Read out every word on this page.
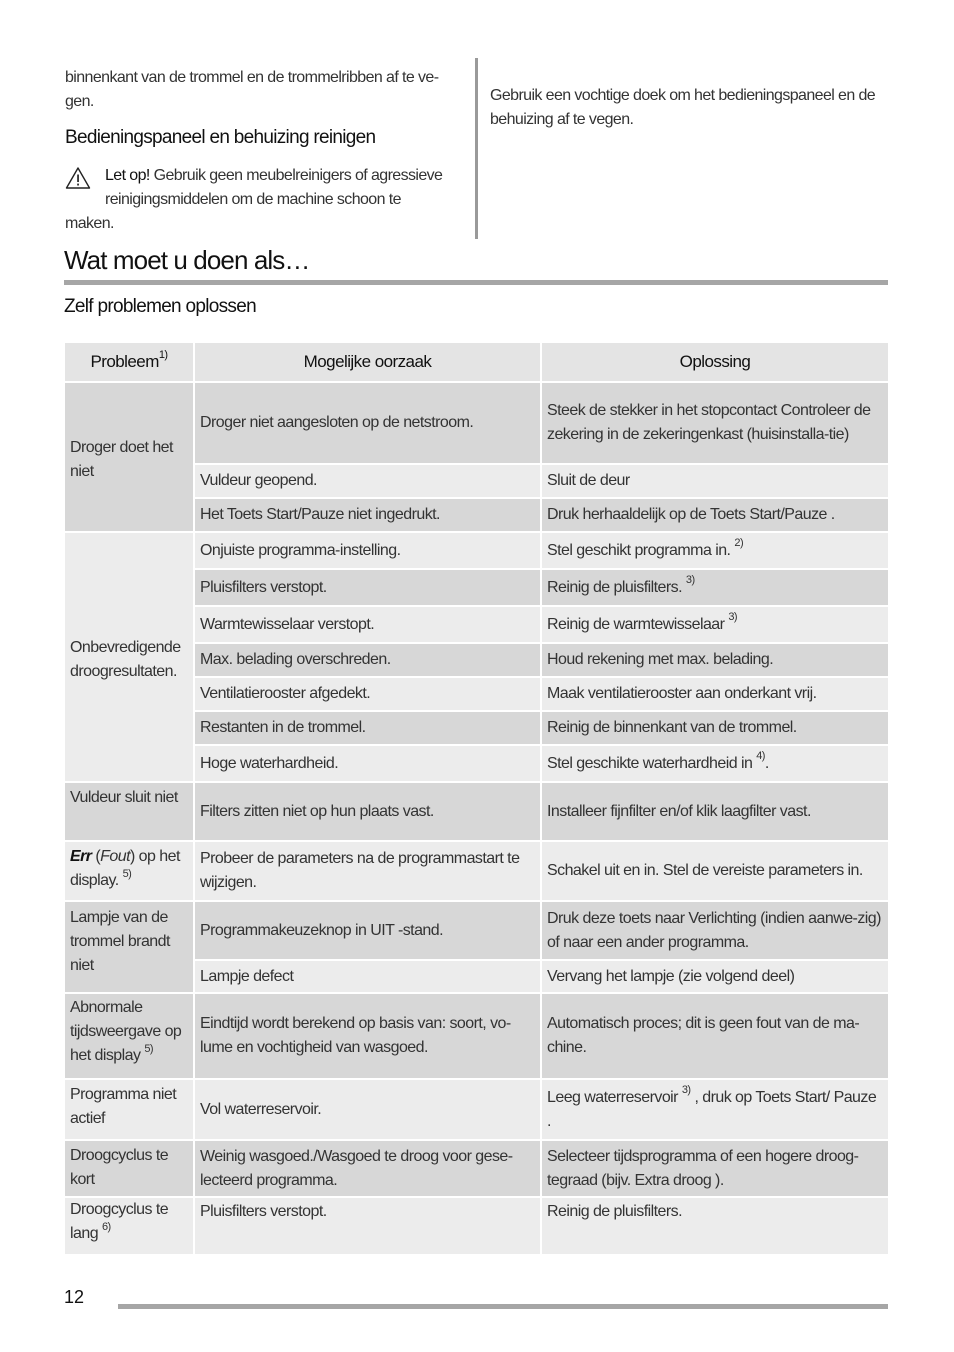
binnenkant van de trommel en de trommelribben af te ve-

gen.

Bedieningspaneel en behuizing reinigen

Let op! Gebruik geen meubelreinigers of agressieve

reinigingsmiddelen om de machine schoon te

maken.

Gebruik een vochtige doek om het bedieningspaneel en de

behuizing af te vegen.

Wat moet u doen als…
Zelf problemen oplossen
Probleem$^{1)}$	Mogelijke oorzaak	Oplossing
Droger doet het niet	Droger niet aangesloten op de netstroom.	Steek de stekker in het stopcontact Controleer de zekering in de zekeringenkast (huisinstalla-tie)
	Vuldeur geopend.	Sluit de deur
	Het Toets Start/Pauze niet ingedrukt.	Druk herhaaldelijk op de Toets Start/Pauze .
Onbevredigende droogresultaten.	Onjuiste programma-instelling.	Stel geschikt programma in. $^{2)}$
	Pluisfilters verstopt.	Reinig de pluisfilters. $^{3)}$
	Warmtewisselaar verstopt.	Reinig de warmtewisselaar $^{3)}$
	Max. belading overschreden.	Houd rekening met max. belading.
	Ventilatierooster afgedekt.	Maak ventilatierooster aan onderkant vrij.
	Restanten in de trommel.	Reinig de binnenkant van de trommel.
	Hoge waterhardheid.	Stel geschikte waterhardheid in $^{4)}$.
Vuldeur sluit niet	Filters zitten niet op hun plaats vast.	Installeer fijnfilter en/of klik laagfilter vast.
Err (Fout) op het display. $^{5)}$	Probeer de parameters na de programmastart te wijzigen.	Schakel uit en in. Stel de vereiste parameters in.
Lampje van de trommel brandt niet	Programmakeuzeknop in UIT -stand.	Druk deze toets naar Verlichting (indien aanwe-zig) of naar een ander programma.
	Lampje defect	Vervang het lampje (zie volgend deel)
Abnormale tijdsweergave op het display $^{5)}$	Eindtijd wordt berekend op basis van: soort, vo-lume en vochtigheid van wasgoed.	Automatisch proces; dit is geen fout van de ma-chine.
Programma niet actief	Vol waterreservoir.	Leeg waterreservoir $^{3)}$ , druk op Toets Start/ Pauze .
Droogcyclus te kort	Weinig wasgoed./Wasgoed te droog voor gese-lecteerd programma.	Selecteer tijdsprogramma of een hogere droog-tegraad (bijv. Extra droog ).
Droogcyclus te lang $^{6)}$	Pluisfilters verstopt.	Reinig de pluisfilters.
12
